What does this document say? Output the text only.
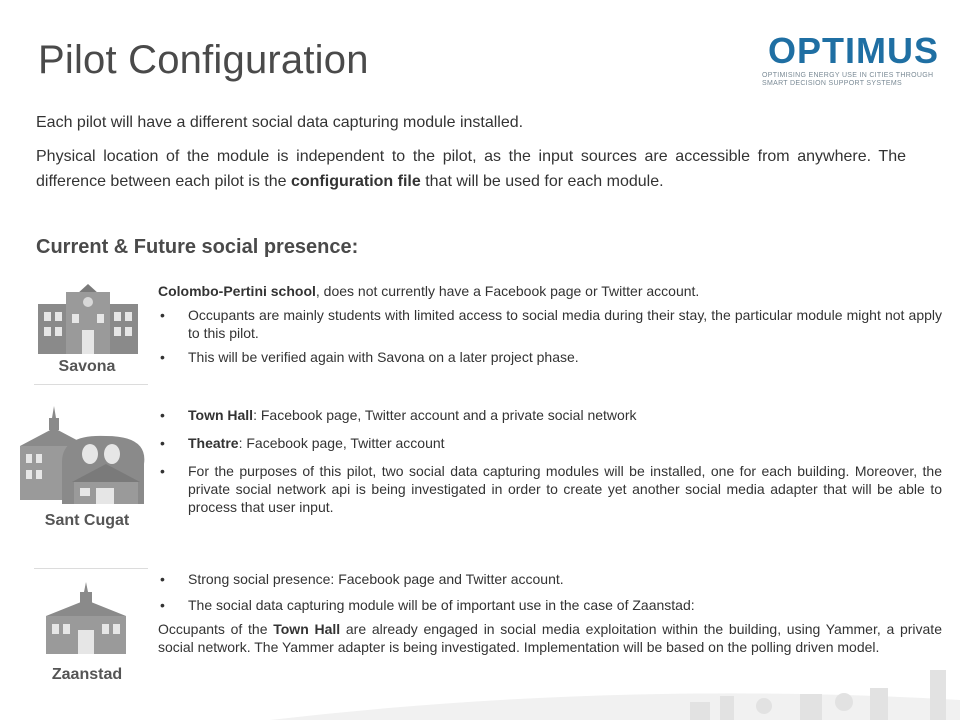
Pilot Configuration	OPTIMUS
OPTIMISING ENERGY USE IN CITIES THROUGH
SMART DECISION SUPPORT SYSTEMS
Each pilot will have a different social data capturing module installed.
Physical location of the module is independent to the pilot, as the input sources are accessible from anywhere. The difference between each pilot is the configuration file that will be used for each module.
Current & Future social presence:
Savona

Colombo-Pertini school, does not currently have a Facebook page or Twitter account.

• Occupants are mainly students with limited access to social media during their stay, the particular module might not apply to this pilot.
• This will be verified again with Savona on a later project phase.
Sant Cugat
• Town Hall: Facebook page, Twitter account and a private social network
• Theatre: Facebook page, Twitter account
• For the purposes of this pilot, two social data capturing modules will be installed, one for each building. Moreover, the private social network api is being investigated in order to create yet another social media adapter that will be able to process that user input.
Zaanstad
• Strong social presence: Facebook page and Twitter account.
• The social data capturing module will be of important use in the case of Zaanstad:

Occupants of the Town Hall are already engaged in social media exploitation within the building, using Yammer, a private social network. The Yammer adapter is being investigated. Implementation will be based on the polling driven model.
